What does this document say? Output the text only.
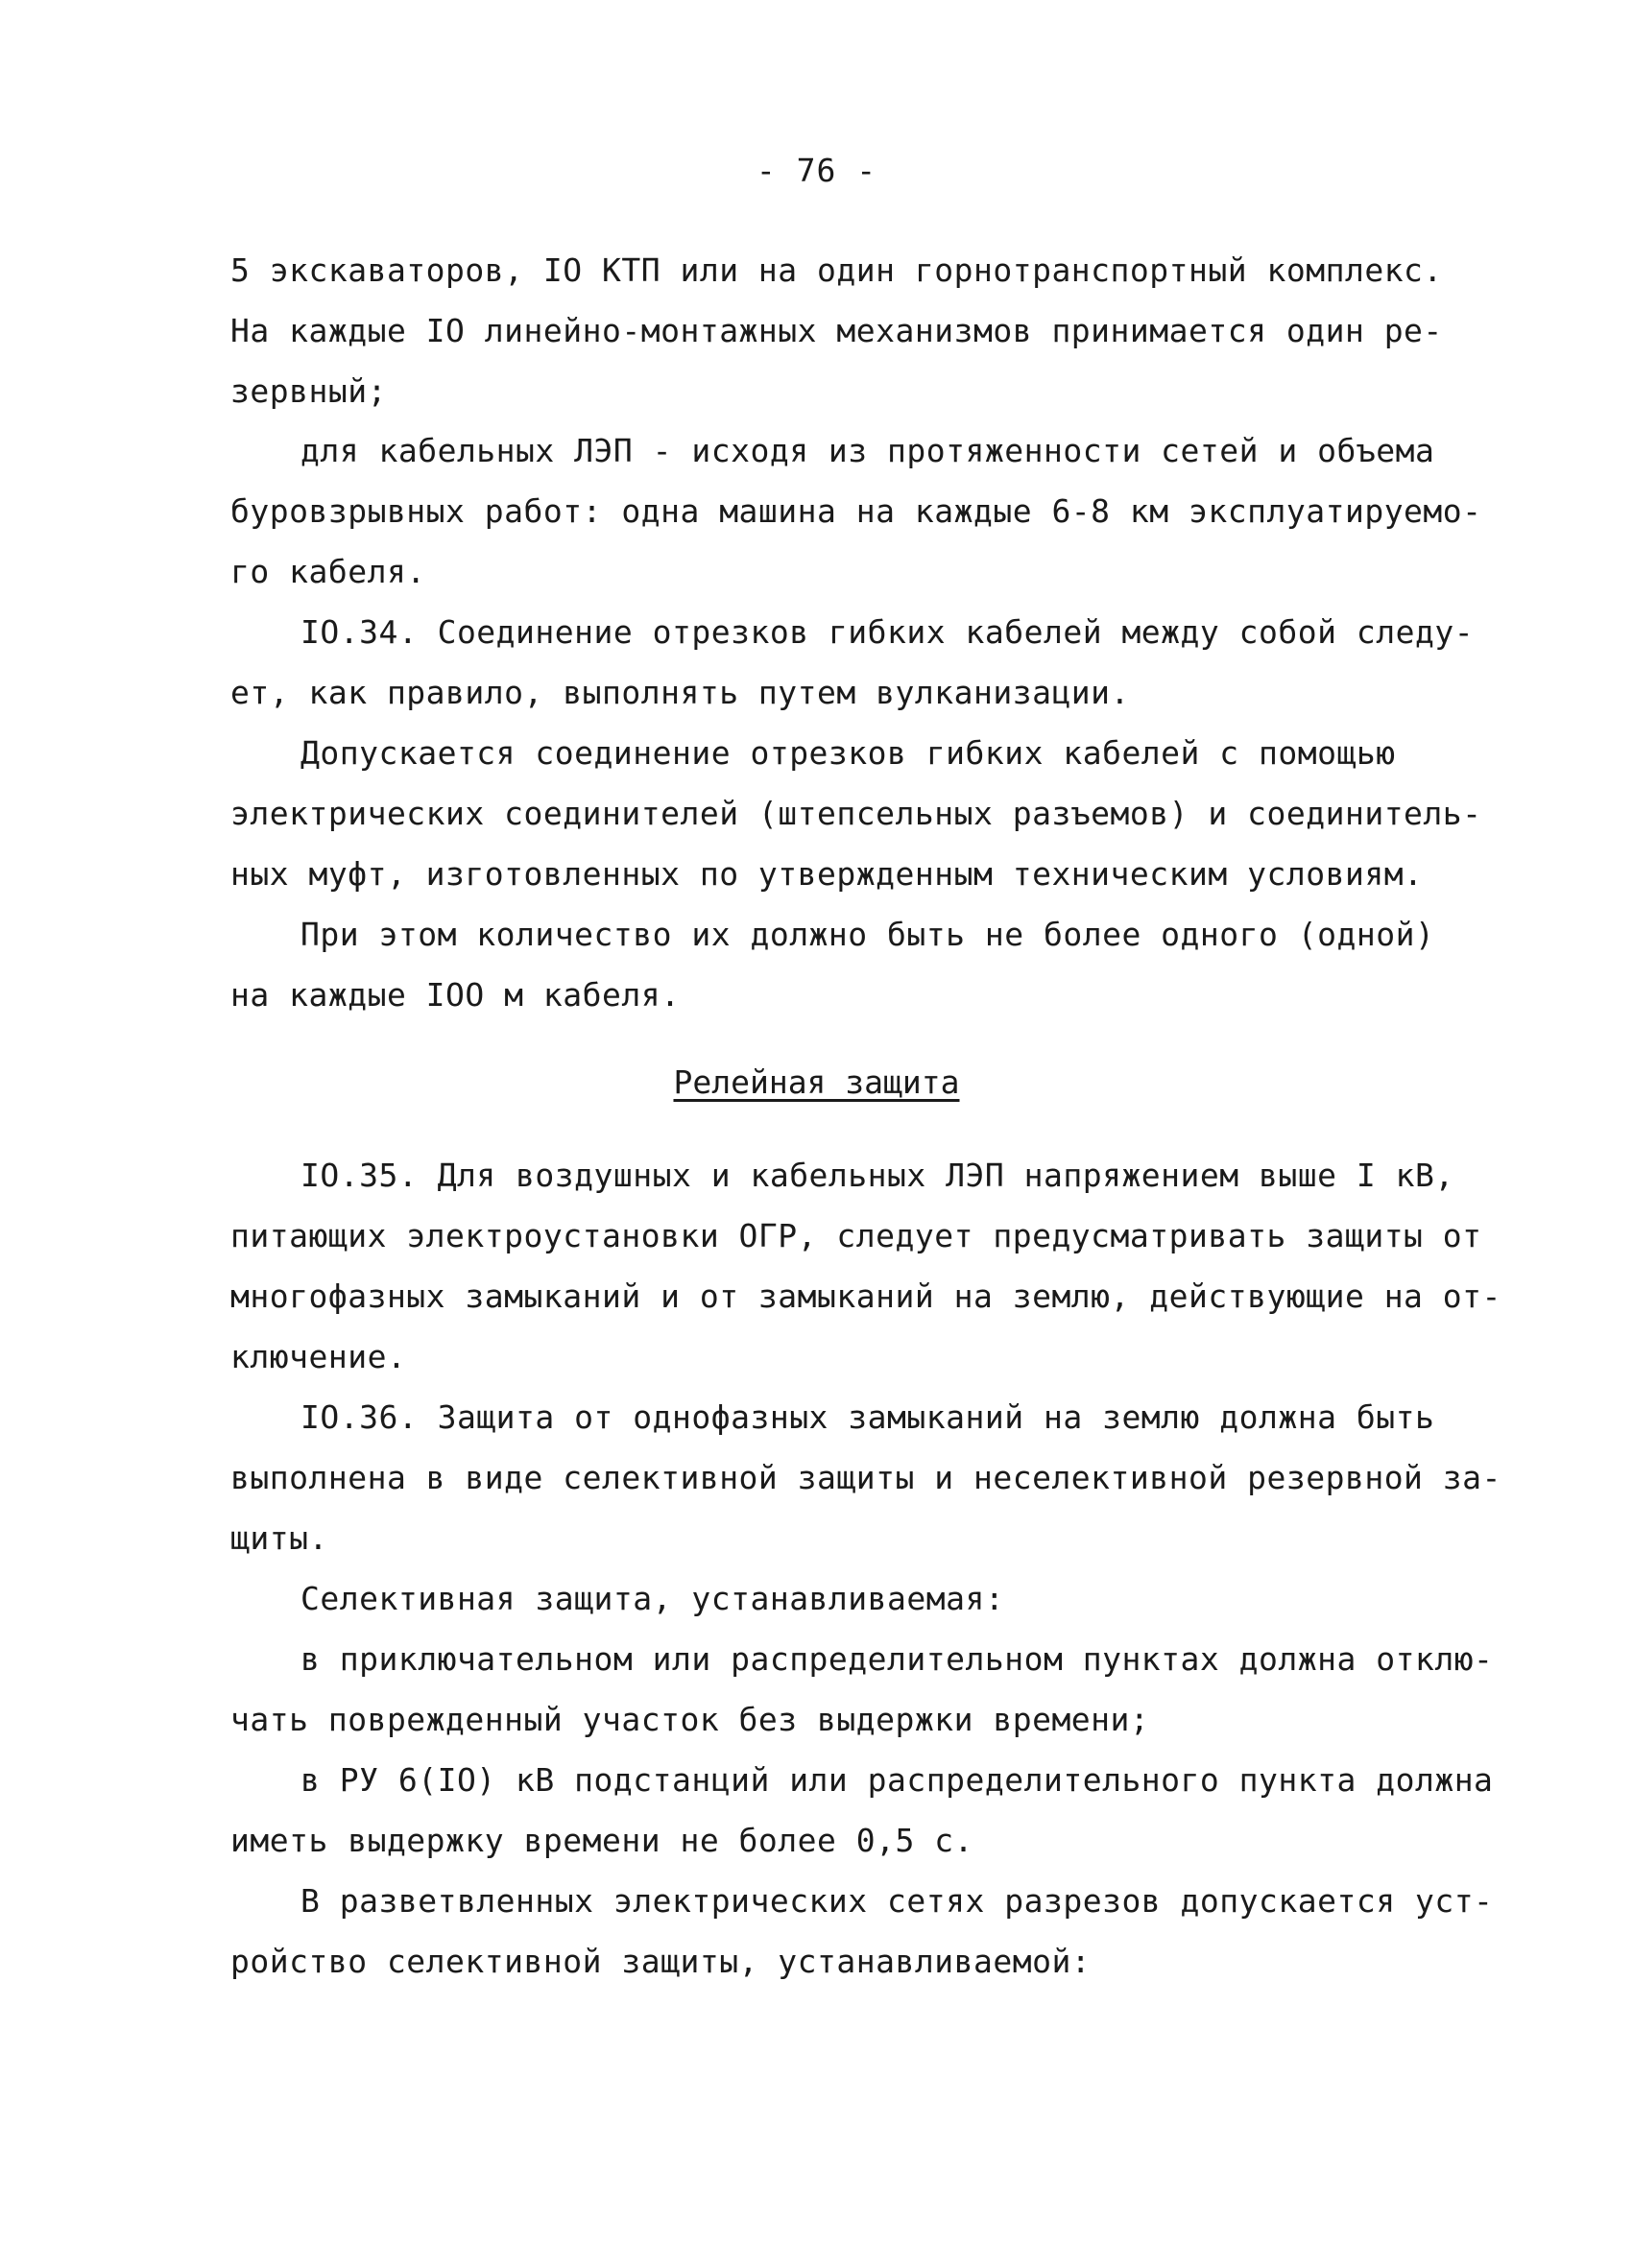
- 76 -
5 экскаваторов, IO КТП или на один горнотранспортный комплекс.
На каждые IO линейно-монтажных механизмов принимается один ре-
зервный;
для кабельных ЛЭП - исходя из протяженности сетей и объема
буровзрывных работ: одна машина на каждые 6-8 км эксплуатируемо-
го кабеля.
IO.34. Соединение отрезков гибких кабелей между собой следу-
ет, как правило, выполнять путем вулканизации.
Допускается соединение отрезков гибких кабелей с помощью
электрических соединителей (штепсельных разъемов) и соединитель-
ных муфт, изготовленных по утвержденным техническим условиям.
При этом количество их должно быть не более одного (одной)
на каждые IOO м кабеля.
Релейная защита
IO.35. Для воздушных и кабельных ЛЭП напряжением выше I кВ,
питающих электроустановки ОГР, следует предусматривать защиты от
многофазных замыканий и от замыканий на землю, действующие на от-
ключение.
IO.36. Защита от однофазных замыканий на землю должна быть
выполнена в виде селективной защиты и неселективной резервной за-
щиты.
Селективная защита, устанавливаемая:
в приключательном или распределительном пунктах должна отклю-
чать поврежденный участок без выдержки времени;
в РУ 6(IO) кВ подстанций или распределительного пункта должна
иметь выдержку времени не более 0,5 с.
В разветвленных электрических сетях разрезов допускается уст-
ройство селективной защиты, устанавливаемой:
